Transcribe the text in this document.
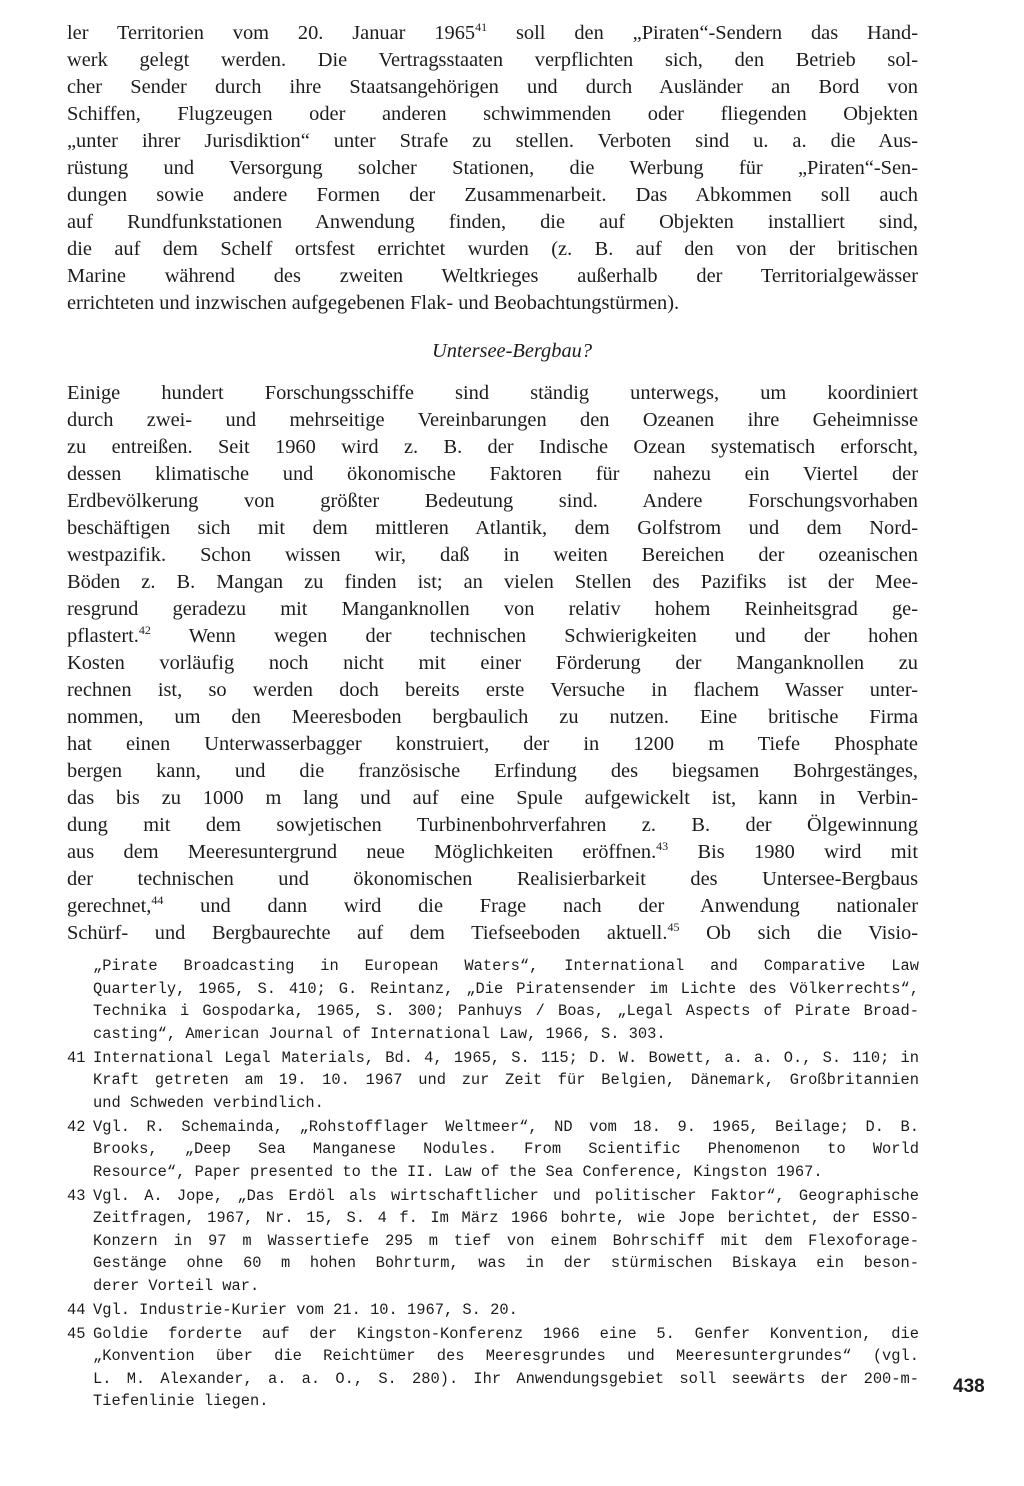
ler Territorien vom 20. Januar 1965$^{41}$ soll den „Piraten“-Sendern das Hand-
werk gelegt werden. Die Vertragsstaaten verpflichten sich, den Betrieb sol-
cher Sender durch ihre Staatsangehörigen und durch Ausländer an Bord von
Schiffen, Flugzeugen oder anderen schwimmenden oder fliegenden Objekten
„unter ihrer Jurisdiktion“ unter Strafe zu stellen. Verboten sind u. a. die Aus-
rüstung und Versorgung solcher Stationen, die Werbung für „Piraten“-Sen-
dungen sowie andere Formen der Zusammenarbeit. Das Abkommen soll auch
auf Rundfunkstationen Anwendung finden, die auf Objekten installiert sind,
die auf dem Schelf ortsfest errichtet wurden (z. B. auf den von der britischen
Marine während des zweiten Weltkrieges außerhalb der Territorialgewässer
errichteten und inzwischen aufgegebenen Flak- und Beobachtungstürmen).
Untersee-Bergbau?
Einige hundert Forschungsschiffe sind ständig unterwegs, um koordiniert
durch zwei- und mehrseitige Vereinbarungen den Ozeanen ihre Geheimnisse
zu entreißen. Seit 1960 wird z. B. der Indische Ozean systematisch erforscht,
dessen klimatische und ökonomische Faktoren für nahezu ein Viertel der
Erdbevölkerung von größter Bedeutung sind. Andere Forschungsvorhaben
beschäftigen sich mit dem mittleren Atlantik, dem Golfstrom und dem Nord-
westpazifik. Schon wissen wir, daß in weiten Bereichen der ozeanischen
Böden z. B. Mangan zu finden ist; an vielen Stellen des Pazifiks ist der Mee-
resgrund geradezu mit Manganknollen von relativ hohem Reinheitsgrad ge-
pflastert.$^{42}$ Wenn wegen der technischen Schwierigkeiten und der hohen
Kosten vorläufig noch nicht mit einer Förderung der Manganknollen zu
rechnen ist, so werden doch bereits erste Versuche in flachem Wasser unter-
nommen, um den Meeresboden bergbaulich zu nutzen. Eine britische Firma
hat einen Unterwasserbagger konstruiert, der in 1200 m Tiefe Phosphate
bergen kann, und die französische Erfindung des biegsamen Bohrgestänges,
das bis zu 1000 m lang und auf eine Spule aufgewickelt ist, kann in Verbin-
dung mit dem sowjetischen Turbinenbohrverfahren z. B. der Ölgewinnung
aus dem Meeresuntergrund neue Möglichkeiten eröffnen.$^{43}$ Bis 1980 wird mit
der technischen und ökonomischen Realisierbarkeit des Untersee-Bergbaus
gerechnet,$^{44}$ und dann wird die Frage nach der Anwendung nationaler
Schürf- und Bergbaurechte auf dem Tiefseeboden aktuell.$^{45}$ Ob sich die Visio-
„Pirate Broadcasting in European Waters“, International and Comparative Law
Quarterly, 1965, S. 410; G. Reintanz, „Die Piratensender im Lichte des Völkerrechts“,
Technika i Gospodarka, 1965, S. 300; Panhuys / Boas, „Legal Aspects of Pirate Broad-
casting“, American Journal of International Law, 1966, S. 303.
41 International Legal Materials, Bd. 4, 1965, S. 115; D. W. Bowett, a. a. O., S. 110; in
Kraft getreten am 19. 10. 1967 und zur Zeit für Belgien, Dänemark, Großbritannien
und Schweden verbindlich.
42 Vgl. R. Schemainda, „Rohstofflager Weltmeer“, ND vom 18. 9. 1965, Beilage; D. B.
Brooks, „Deep Sea Manganese Nodules. From Scientific Phenomenon to World
Resource“, Paper presented to the II. Law of the Sea Conference, Kingston 1967.
43 Vgl. A. Jope, „Das Erdöl als wirtschaftlicher und politischer Faktor“, Geographische
Zeitfragen, 1967, Nr. 15, S. 4 f. Im März 1966 bohrte, wie Jope berichtet, der ESSO-
Konzern in 97 m Wassertiefe 295 m tief von einem Bohrschiff mit dem Flexoforage-
Gestänge ohne 60 m hohen Bohrturm, was in der stürmischen Biskaya ein beson-
derer Vorteil war.
44 Vgl. Industrie-Kurier vom 21. 10. 1967, S. 20.
45 Goldie forderte auf der Kingston-Konferenz 1966 eine 5. Genfer Konvention, die
„Konvention über die Reichtümer des Meeresgrundes und Meeresuntergrundes“ (vgl.
L. M. Alexander, a. a. O., S. 280). Ihr Anwendungsgebiet soll seewärts der 200-m-
Tiefenlinie liegen.
438
